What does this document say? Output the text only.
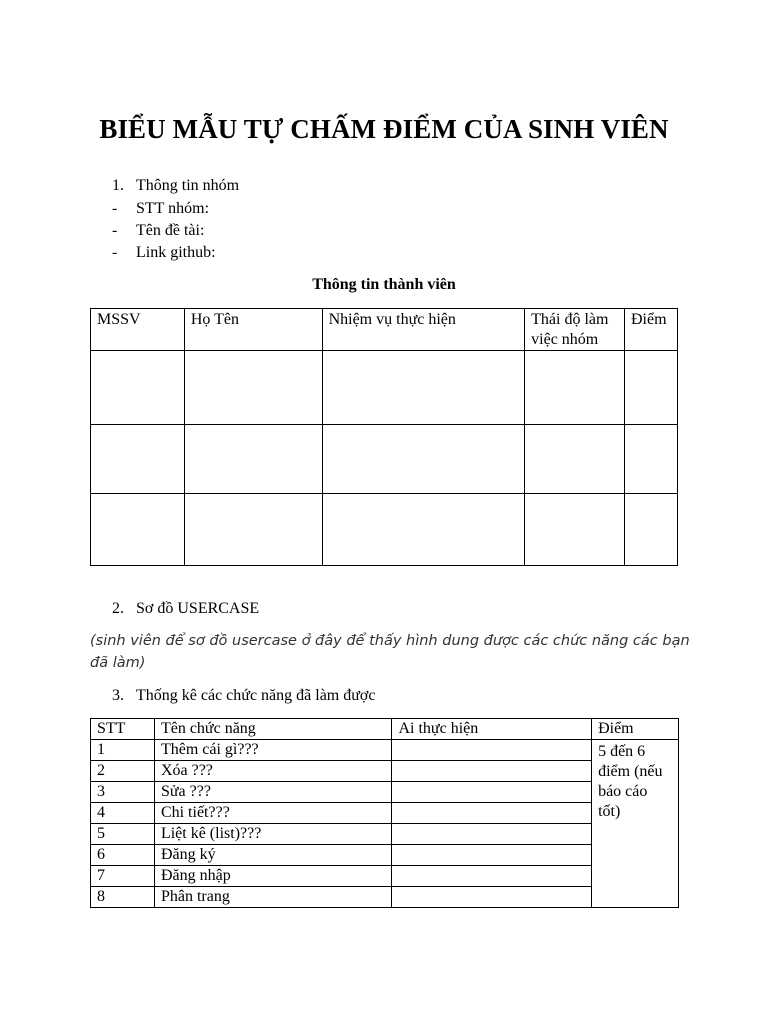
BIỂU MẪU TỰ CHẤM ĐIỂM CỦA SINH VIÊN
1. Thông tin nhóm
- STT nhóm:
- Tên đề tài:
- Link github:
Thông tin thành viên
MSSV	Họ Tên	Nhiệm vụ thực hiện	Thái độ làm việc nhóm	Điểm

2. Sơ đồ USERCASE
(sinh viên để sơ đồ usercase ở đây để thấy hình dung được các chức năng các bạn
đã làm)
3. Thống kê các chức năng đã làm được
STT	Tên chức năng	Ai thực hiện	Điểm
1	Thêm cái gì???		5 đến 6 điểm (nếu báo cáo tốt)
2	Xóa ???		
3	Sửa ???		
4	Chi tiết???		
5	Liệt kê (list)???		
6	Đăng ký		
7	Đăng nhập		
8	Phân trang		
